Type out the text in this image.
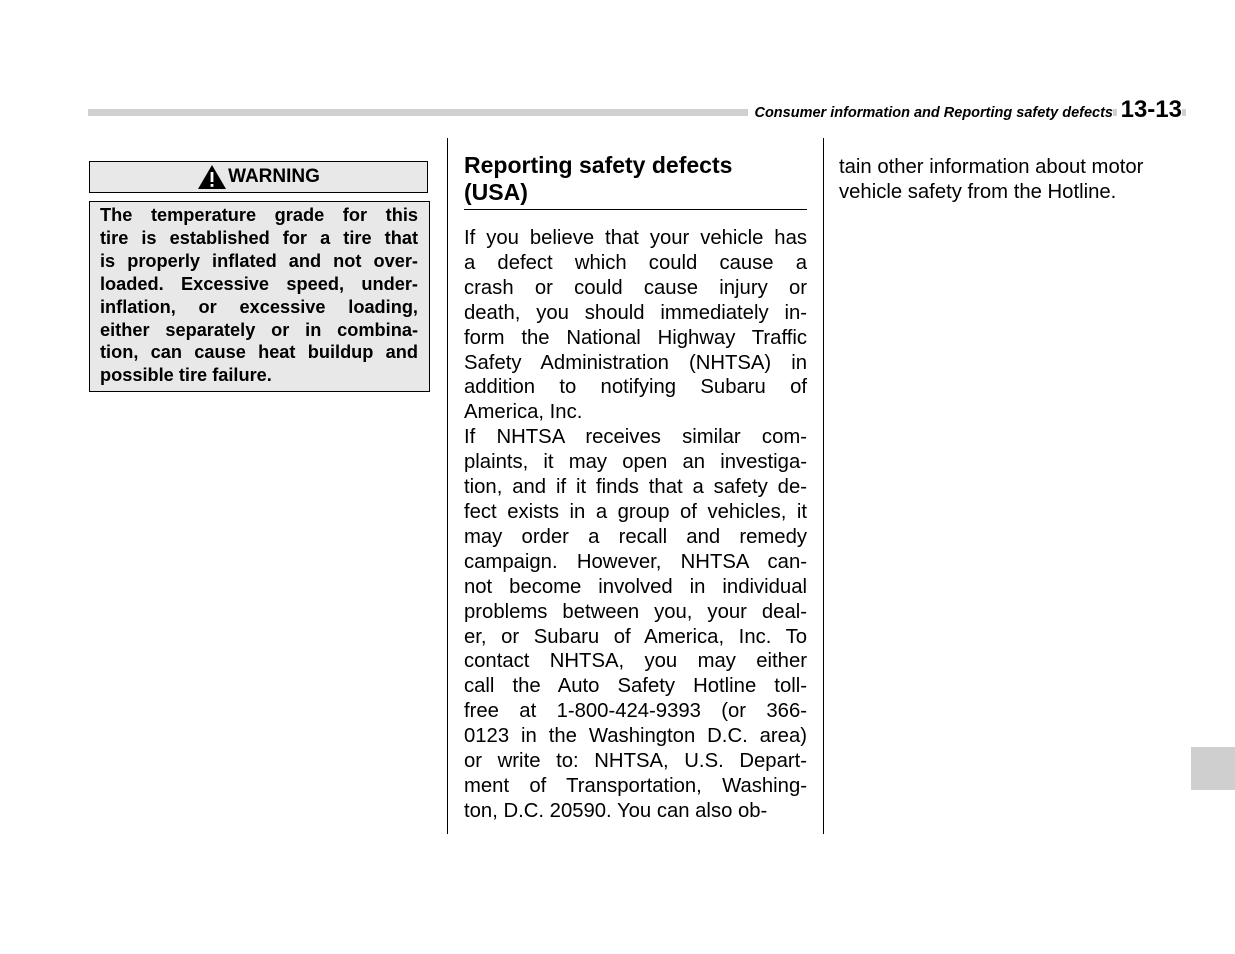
Consumer information and Reporting safety defects 13-13
WARNING
The temperature grade for this
tire is established for a tire that
is properly inflated and not over-
loaded. Excessive speed, under-
inflation, or excessive loading,
either separately or in combina-
tion, can cause heat buildup and
possible tire failure.
Reporting safety defects
(USA)
If you believe that your vehicle has
a defect which could cause a
crash or could cause injury or
death, you should immediately in-
form the National Highway Traffic
Safety Administration (NHTSA) in
addition to notifying Subaru of
America, Inc.
If NHTSA receives similar com-
plaints, it may open an investiga-
tion, and if it finds that a safety de-
fect exists in a group of vehicles, it
may order a recall and remedy
campaign. However, NHTSA can-
not become involved in individual
problems between you, your deal-
er, or Subaru of America, Inc. To
contact NHTSA, you may either
call the Auto Safety Hotline toll-
free at 1-800-424-9393 (or 366-
0123 in the Washington D.C. area)
or write to: NHTSA, U.S. Depart-
ment of Transportation, Washing-
ton, D.C. 20590. You can also ob-
tain other information about motor
vehicle safety from the Hotline.
